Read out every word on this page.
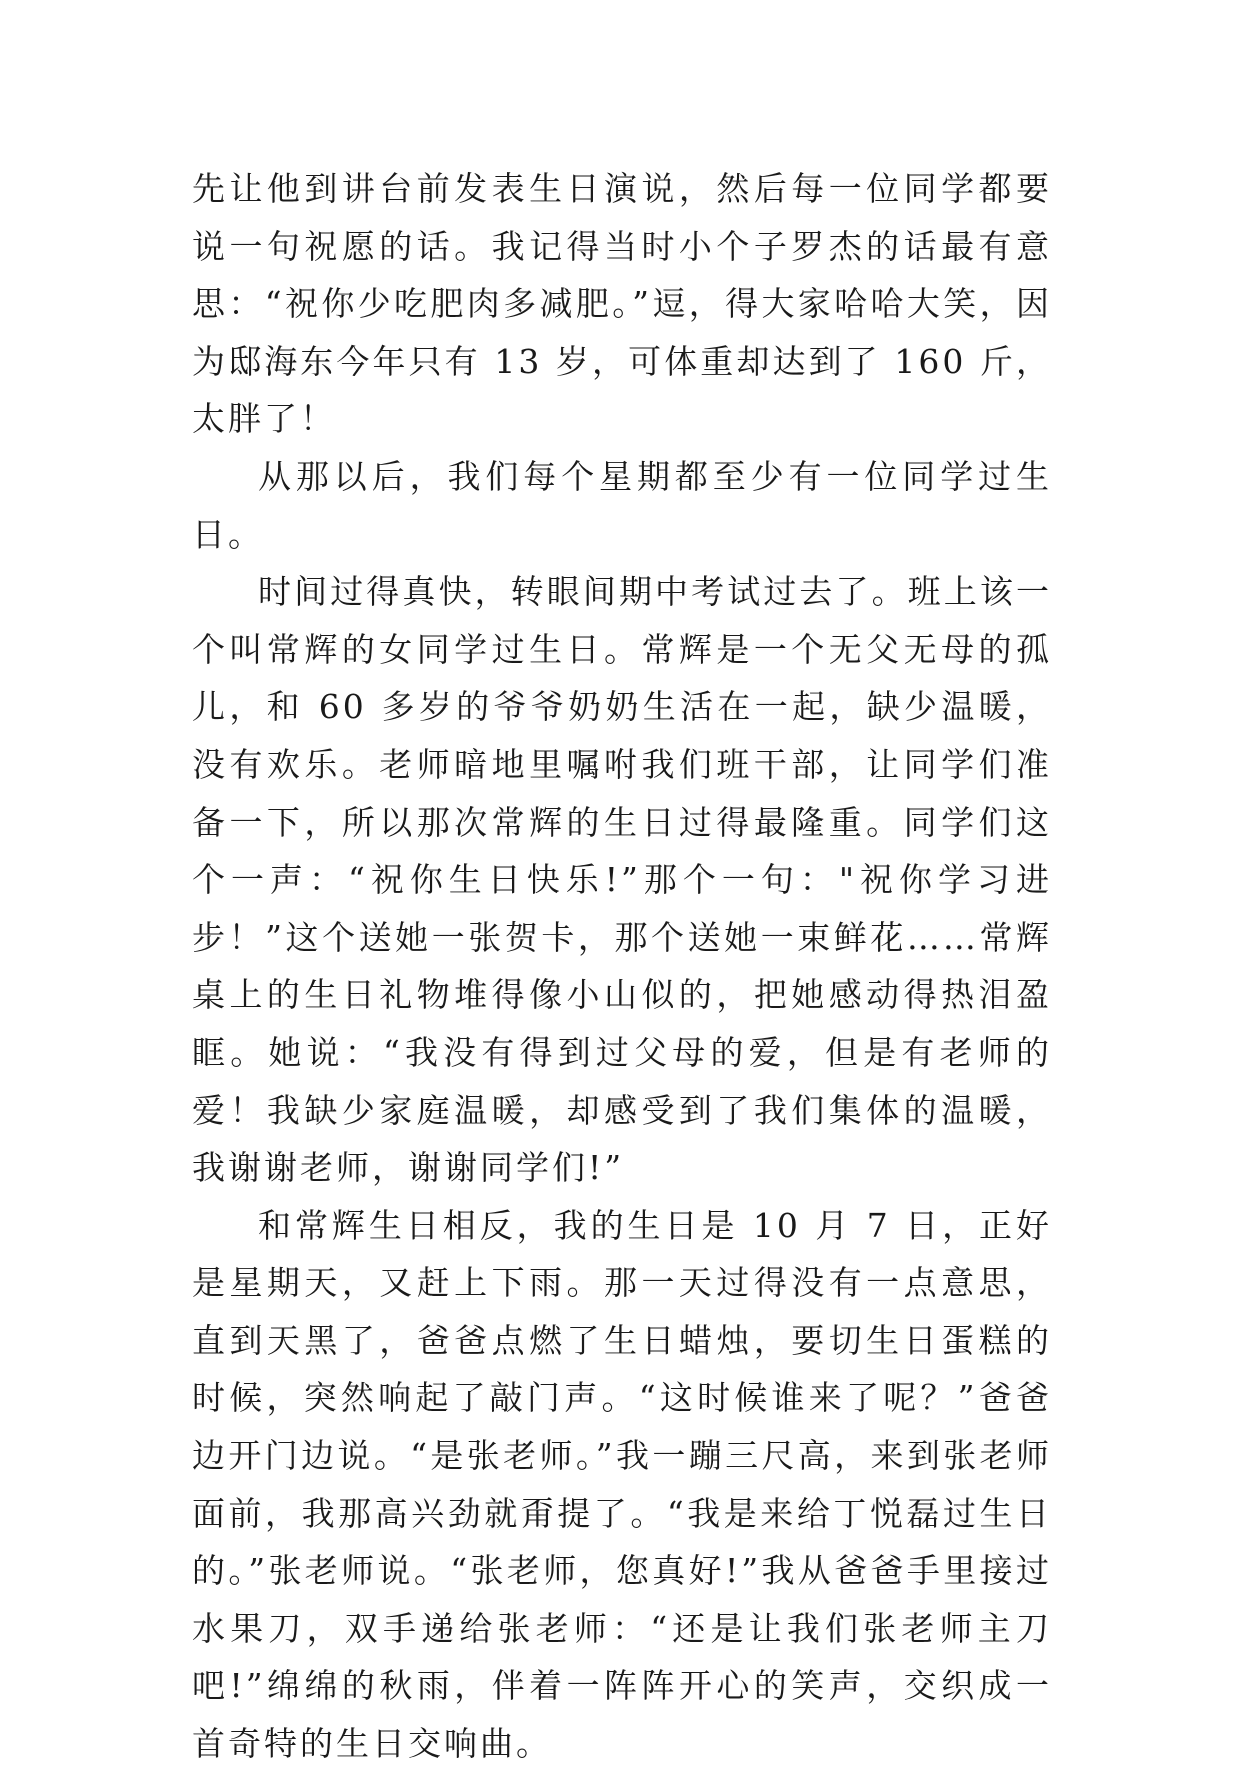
先让他到讲台前发表生日演说，然后每一位同学都要说一句祝愿的话。我记得当时小个子罗杰的话最有意思：“祝你少吃肥肉多减肥。”逗，得大家哈哈大笑，因为邸海东今年只有 13 岁，可体重却达到了 160 斤，太胖了！

从那以后，我们每个星期都至少有一位同学过生日。

时间过得真快，转眼间期中考试过去了。班上该一个叫常辉的女同学过生日。常辉是一个无父无母的孤儿，和 60 多岁的爷爷奶奶生活在一起，缺少温暖，没有欢乐。老师暗地里嘱咐我们班干部，让同学们准备一下，所以那次常辉的生日过得最隆重。同学们这个一声：“祝你生日快乐!”那个一句："祝你学习进步！”这个送她一张贺卡，那个送她一束鲜花……常辉桌上的生日礼物堆得像小山似的，把她感动得热泪盈眶。她说：“我没有得到过父母的爱，但是有老师的爱！我缺少家庭温暖，却感受到了我们集体的温暖，我谢谢老师，谢谢同学们!”

和常辉生日相反，我的生日是 10 月 7 日，正好是星期天，又赶上下雨。那一天过得没有一点意思，直到天黑了，爸爸点燃了生日蜡烛，要切生日蛋糕的时候，突然响起了敲门声。“这时候谁来了呢？”爸爸边开门边说。“是张老师。”我一蹦三尺高，来到张老师面前，我那高兴劲就甭提了。“我是来给丁悦磊过生日的。”张老师说。“张老师，您真好!”我从爸爸手里接过水果刀，双手递给张老师：“还是让我们张老师主刀吧!”绵绵的秋雨，伴着一阵阵开心的笑声，交织成一首奇特的生日交响曲。
